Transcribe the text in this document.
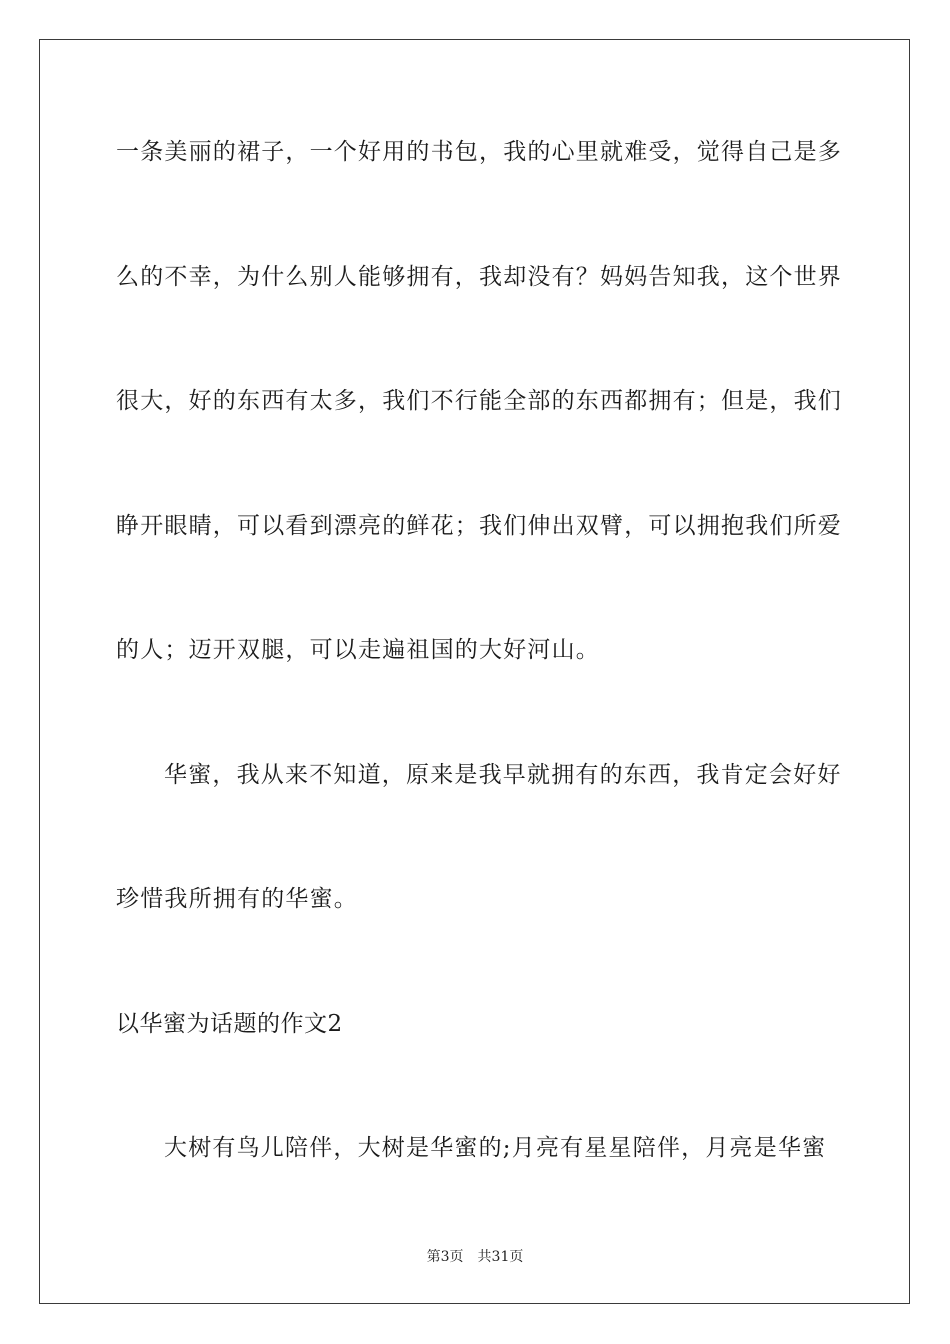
一条美丽的裙子，一个好用的书包，我的心里就难受，觉得自己是多
么的不幸，为什么别人能够拥有，我却没有？妈妈告知我，这个世界
很大，好的东西有太多，我们不行能全部的东西都拥有；但是，我们
睁开眼睛，可以看到漂亮的鲜花；我们伸出双臂，可以拥抱我们所爱
的人；迈开双腿，可以走遍祖国的大好河山。
华蜜，我从来不知道，原来是我早就拥有的东西，我肯定会好好
珍惜我所拥有的华蜜。
以华蜜为话题的作文2
大树有鸟儿陪伴，大树是华蜜的;月亮有星星陪伴，月亮是华蜜
第3页 共31页
